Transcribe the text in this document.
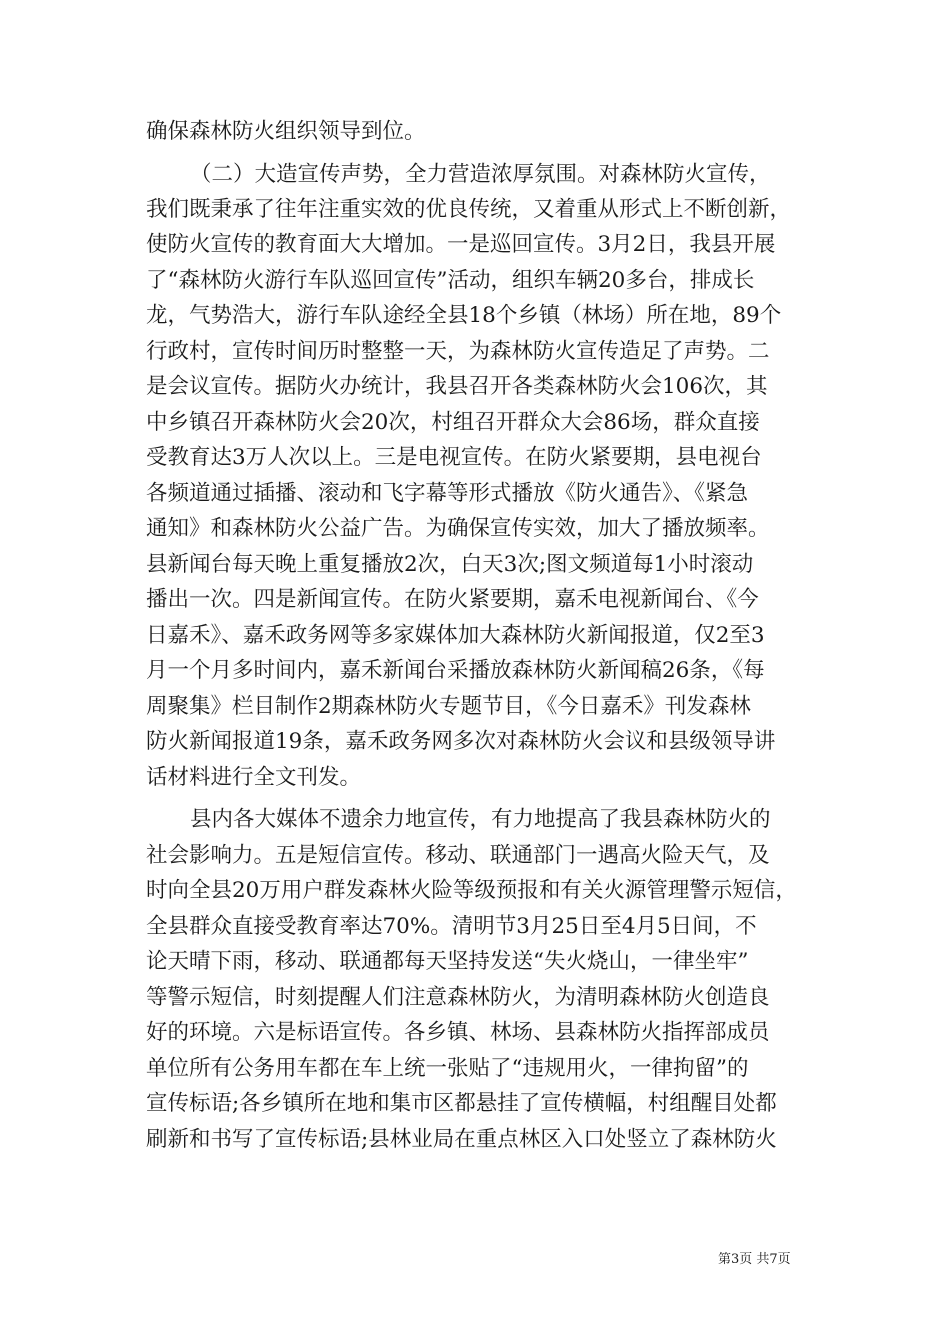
确保森林防火组织领导到位。
（二）大造宣传声势，全力营造浓厚氛围。对森林防火宣传，
我们既秉承了往年注重实效的优良传统，又着重从形式上不断创新，
使防火宣传的教育面大大增加。一是巡回宣传。3月2日，我县开展
了“森林防火游行车队巡回宣传”活动，组织车辆20多台，排成长
龙，气势浩大，游行车队途经全县18个乡镇（林场）所在地，89个
行政村，宣传时间历时整整一天，为森林防火宣传造足了声势。二
是会议宣传。据防火办统计，我县召开各类森林防火会106次，其
中乡镇召开森林防火会20次，村组召开群众大会86场，群众直接
受教育达3万人次以上。三是电视宣传。在防火紧要期，县电视台
各频道通过插播、滚动和飞字幕等形式播放《防火通告》、《紧急
通知》和森林防火公益广告。为确保宣传实效，加大了播放频率。
县新闻台每天晚上重复播放2次，白天3次;图文频道每1小时滚动
播出一次。四是新闻宣传。在防火紧要期，嘉禾电视新闻台、《今
日嘉禾》、嘉禾政务网等多家媒体加大森林防火新闻报道，仅2至3
月一个月多时间内，嘉禾新闻台采播放森林防火新闻稿26条，《每
周聚集》栏目制作2期森林防火专题节目，《今日嘉禾》刊发森林
防火新闻报道19条，嘉禾政务网多次对森林防火会议和县级领导讲
话材料进行全文刊发。
县内各大媒体不遗余力地宣传，有力地提高了我县森林防火的
社会影响力。五是短信宣传。移动、联通部门一遇高火险天气，及
时向全县20万用户群发森林火险等级预报和有关火源管理警示短信，
全县群众直接受教育率达70%。清明节3月25日至4月5日间，不
论天晴下雨，移动、联通都每天坚持发送“失火烧山，一律坐牢”
等警示短信，时刻提醒人们注意森林防火，为清明森林防火创造良
好的环境。六是标语宣传。各乡镇、林场、县森林防火指挥部成员
单位所有公务用车都在车上统一张贴了“违规用火，一律拘留”的
宣传标语;各乡镇所在地和集市区都悬挂了宣传横幅，村组醒目处都
刷新和书写了宣传标语;县林业局在重点林区入口处竖立了森林防火
第3页 共7页
